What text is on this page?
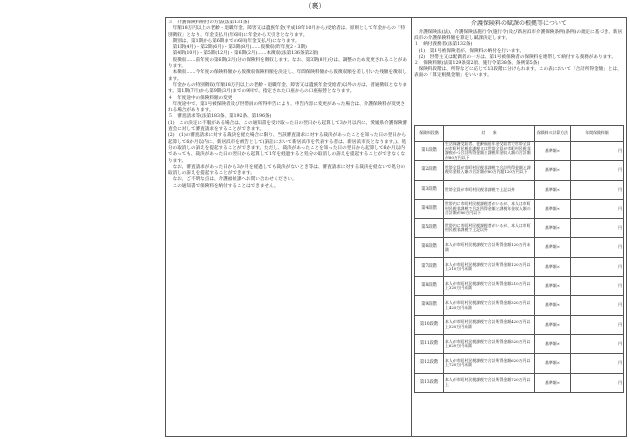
（裏）

３　介護保険料納付の方法(法第131条)

　年額18万円以上の老齢・退職年金、障害又は遺族年金(平成18年10月から)受給者は、原則として年金からの「特別徴収」となり、年金支払月(年6回)に年金から天引きとなります。

　期別は、第1期から第6期までの6回(年金支払月)になります。

　第1期(4月)・第2期(6月)・第3期(8月)……仮徴収(昨年度2・3期)

　第4期(10月)・第5期(12月)・第6期(2月)……本徴収(法第136条第2項)

　仮徴収……前年度の第6期(2月)分の保険料を徴収します。なお、第3期(8月)分は、調整のため変更されることがあります。

　本徴収……今年度の保険料額から仮徴収保険料額を決定し、年間保険料額から仮徴収額を差し引いた残額を徴収します。

　年金からの特別徴収(年額18万円以上の老齢・退職年金、障害又は遺族年金受給者)以外の方は、普通徴収となります。第1期(7月)から第9期(3月)までの9回で、指定された口座からの口座振替となります。

４　年度途中の保険料額の変更

　年度途中で、第1号被保険者及び世帯員の所得申告により、申告内容に変更があった場合は、介護保険料が変更される場合があります。

５　審査請求等(法第183条、第192条、第196条)

(1)　この決定に不服がある場合は、この通知書を受け取った日の翌日から起算して3か月以内に、愛媛県介護保険審査会に対して審査請求をすることができます。

(2)　(1)の審査請求に対する裁決を経た場合に限り、当該審査請求に対する裁決があったことを知った日の翌日から起算して6か月以内に、新居浜市を被告として(訴訟において新居浜市を代表する者は、新居浜市長となります。)、処分の取消しの訴えを提起することができます。ただし、裁決があったことを知った日の翌日から起算して6か月以内であっても、裁決があった日の翌日から起算して1年を経過すると処分の取消しの訴えを提起することができなくなります。

　なお、審査請求があった日から3か月を経過しても裁決がないとき等は、審査請求に対する裁決を経ないで処分の取消しの訴えを提起することができます。

　なお、ご不明な点は、介護福祉課へお問い合わせください。

　この通知書で保険料を納付することはできません。

介護保険料の賦課の根拠等について

　介護保険法(法)、介護保険法施行令(施行令)及び新居浜市介護保険条例(条例)の規定に基づき、新居浜市の介護保険料額を算定し賦課決定します。

１　納付義務者(法第132条)

　(1)　第1号被保険者が、保険料の納付を行います。

　(2)　世帯主又は配偶者の一方は、第1号被保険者の保険料を連帯して納付する義務があります。

２　保険料額(法第129条第2項、施行令第38条、条例第5条)

　保険料段階は、所得などに応じて13段階に分けられます。この表において「合計所得金額」とは、表面の「算定根拠金額」をいいます。

保険料段階	対　　象	保険料の計算方法	年間保険料額
第1段階	生活保護受給者、老齢福祉年金受給者で世帯全員が市町村民税非課税又は世帯全員が市町村民税非課税かつ合計所得金額と課税年金収入額の合計額が80万円以下	基準額×	円
第2段階	世帯全員が市町村民税非課税で合計所得金額と課税年金収入額の合計額が80万円超120万円以下	基準額×	円
第3段階	世帯全員が市町村民税非課税で上記以外	基準額×	円
第4段階	世帯内に市町村民税課税者がいるが、本人は市町村民税非課税で合計所得金額と課税年金収入額の合計額が80万円以下	基準額×	円
第5段階	世帯内に市町村民税課税者がいるが、本人は市町村民税非課税で上記以外	基準額×	円
第6段階	本人が市町村民税課税で合計所得金額120万円未満	基準額×	円
第7段階	本人が市町村民税課税で合計所得金額120万円以上210万円未満	基準額×	円
第8段階	本人が市町村民税課税で合計所得金額210万円以上320万円未満	基準額×	円
第9段階	本人が市町村民税課税で合計所得金額320万円以上420万円未満	基準額×	円
第10段階	本人が市町村民税課税で合計所得金額420万円以上520万円未満	基準額×	円
第11段階	本人が市町村民税課税で合計所得金額520万円以上620万円未満	基準額×	円
第12段階	本人が市町村民税課税で合計所得金額620万円以上720万円未満	基準額×	円
第13段階	本人が市町村民税課税で合計所得金額720万円以上	基準額×	円
